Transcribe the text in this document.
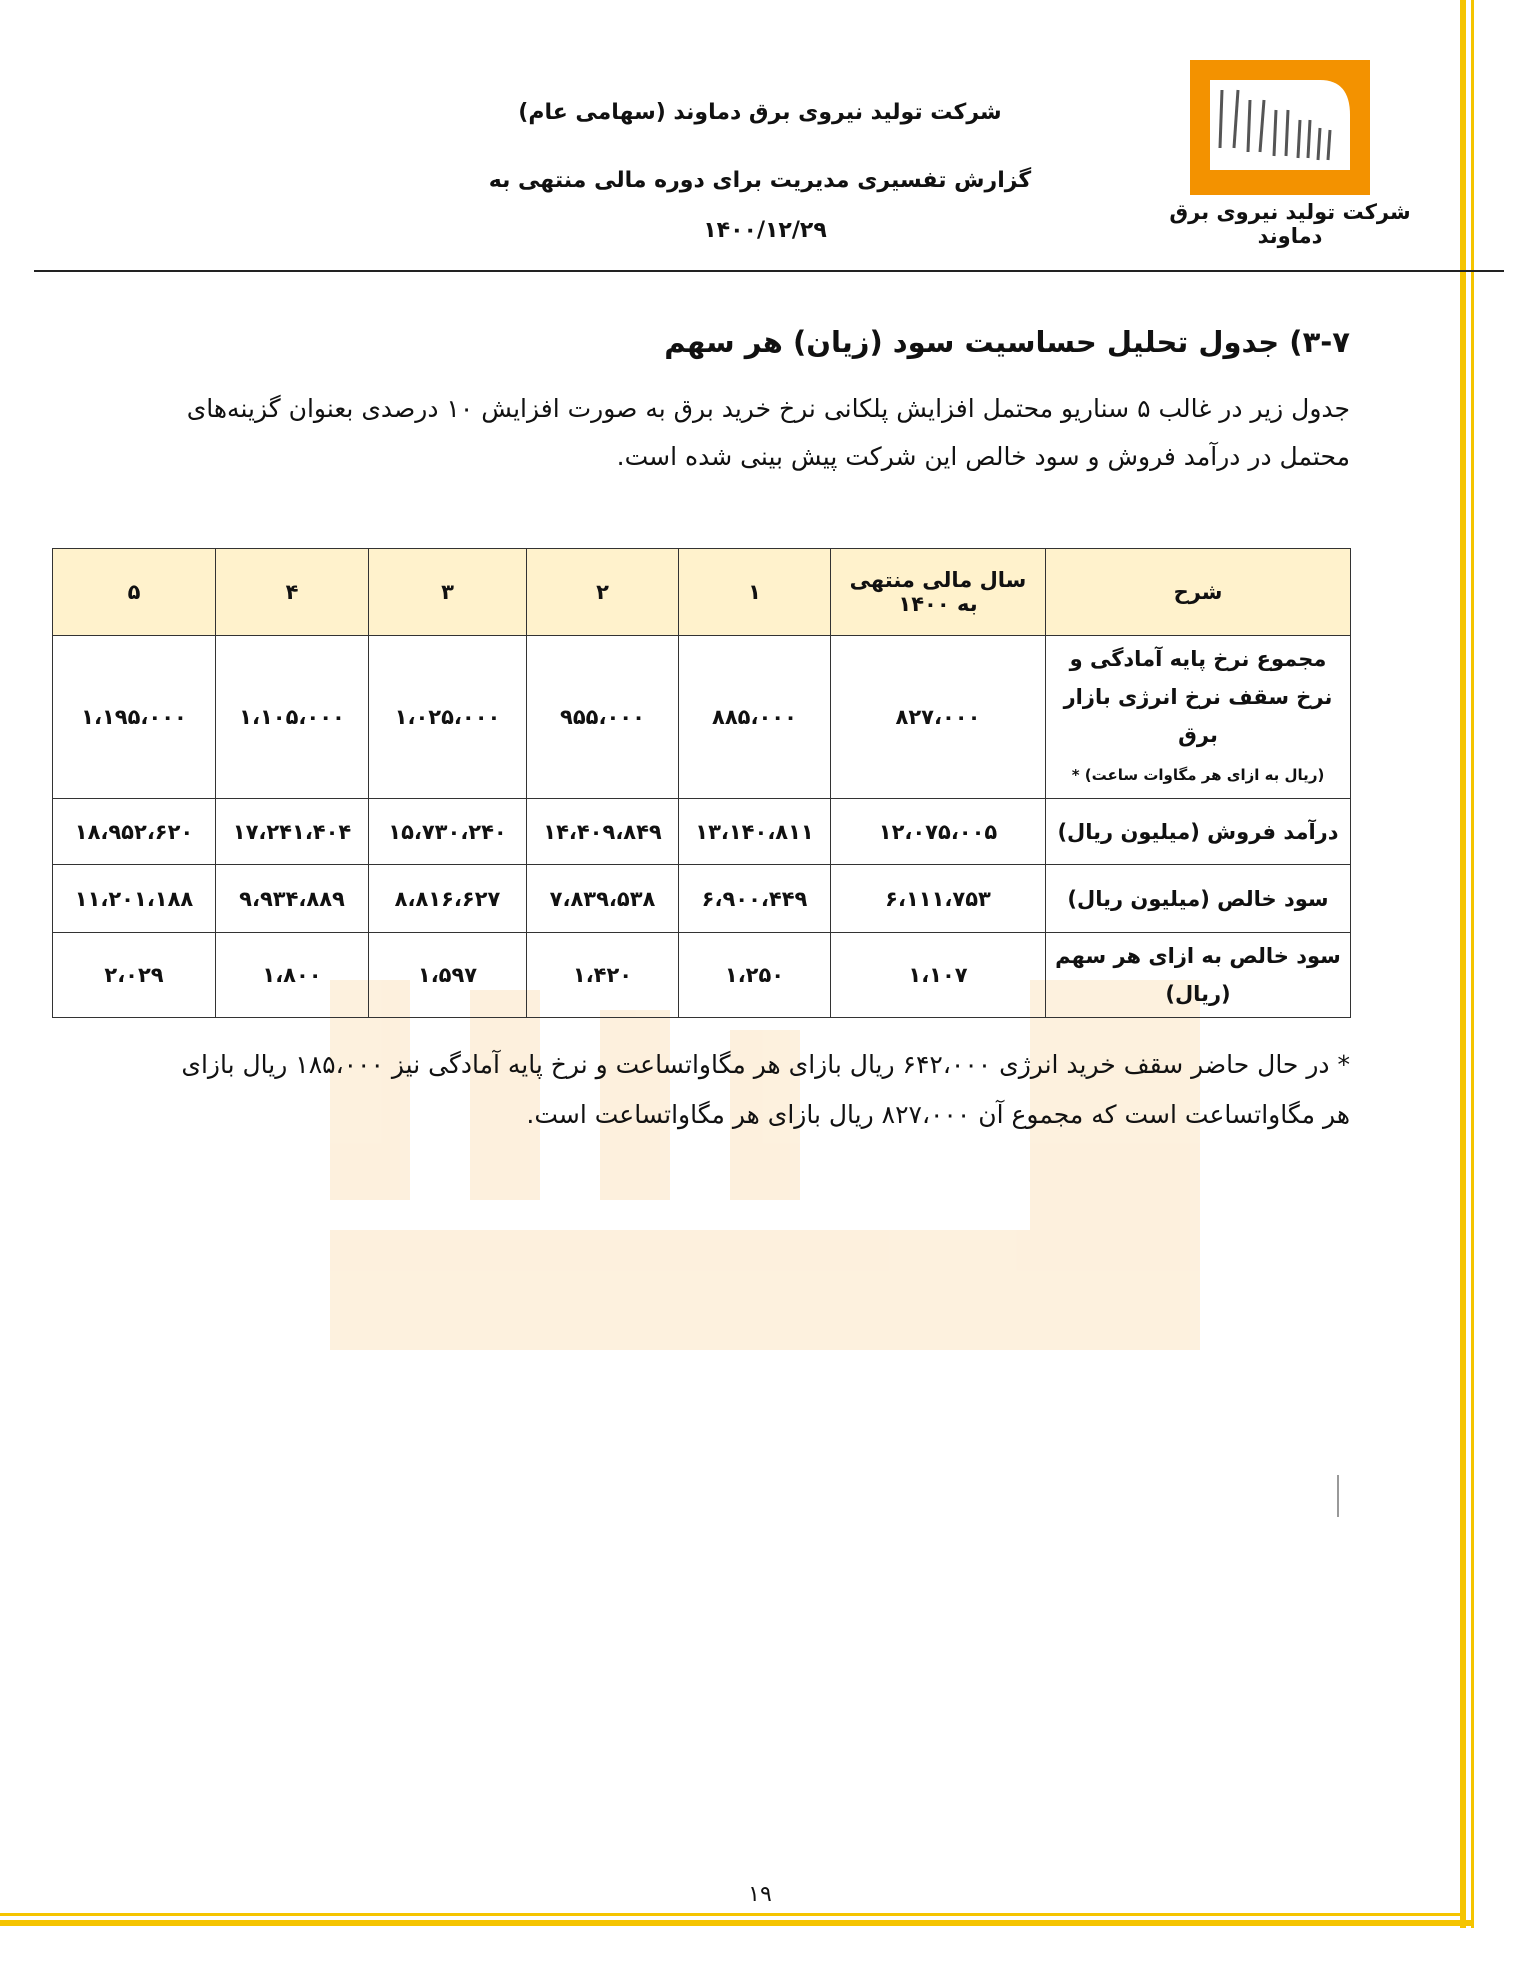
شرکت تولید نیروی برق دماوند
شرکت تولید نیروی برق دماوند (سهامی عام)
گزارش تفسیری مدیریت برای دوره مالی منتهی به
۱۴۰۰/۱۲/۲۹
۳-۷) جدول تحلیل حساسیت سود (زیان) هر سهم
جدول زیر در غالب ۵ سناریو محتمل افزایش پلکانی نرخ خرید برق به صورت افزایش ۱۰ درصدی بعنوان گزینه‌های محتمل در درآمد فروش و سود خالص این شرکت پیش بینی شده است.
شرح	سال مالی منتهی به ۱۴۰۰	۱	۲	۳	۴	۵
مجموع نرخ پایه آمادگی و نرخ سقف نرخ انرژی بازار برق
(ریال به ازای هر مگاوات ساعت) *	۸۲۷،۰۰۰	۸۸۵،۰۰۰	۹۵۵،۰۰۰	۱،۰۲۵،۰۰۰	۱،۱۰۵،۰۰۰	۱،۱۹۵،۰۰۰
درآمد فروش (میلیون ریال)	۱۲،۰۷۵،۰۰۵	۱۳،۱۴۰،۸۱۱	۱۴،۴۰۹،۸۴۹	۱۵،۷۳۰،۲۴۰	۱۷،۲۴۱،۴۰۴	۱۸،۹۵۲،۶۲۰
سود خالص (میلیون ریال)	۶،۱۱۱،۷۵۳	۶،۹۰۰،۴۴۹	۷،۸۳۹،۵۳۸	۸،۸۱۶،۶۲۷	۹،۹۳۴،۸۸۹	۱۱،۲۰۱،۱۸۸
سود خالص به ازای هر سهم
(ریال)	۱،۱۰۷	۱،۲۵۰	۱،۴۲۰	۱،۵۹۷	۱،۸۰۰	۲،۰۲۹
* در حال حاضر سقف خرید انرژی ۶۴۲،۰۰۰ ریال بازای هر مگاواتساعت و نرخ پایه آمادگی نیز ۱۸۵،۰۰۰ ریال بازای هر مگاواتساعت است که مجموع آن ۸۲۷،۰۰۰ ریال بازای هر مگاواتساعت است.
۱۹
